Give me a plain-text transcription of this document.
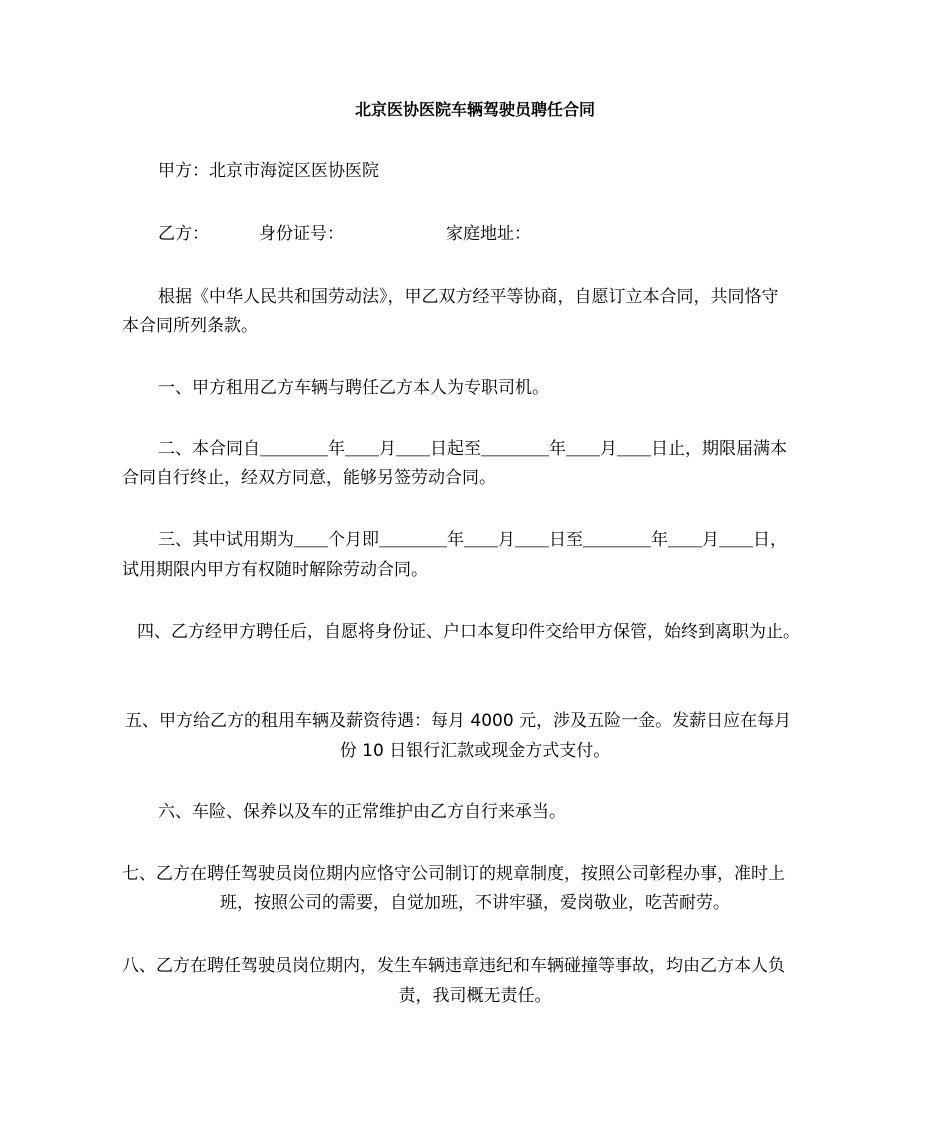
北京医协医院车辆驾驶员聘任合同
甲方：北京市海淀区医协医院
乙方：	身份证号：	家庭地址：
根据《中华人民共和国劳动法》，甲乙双方经平等协商，自愿订立本合同，共同恪守
本合同所列条款。
一、甲方租用乙方车辆与聘任乙方本人为专职司机。
二、本合同自＿＿＿＿年＿＿月＿＿日起至＿＿＿＿年＿＿月＿＿日止，期限届满本
合同自行终止，经双方同意，能够另签劳动合同。
三、其中试用期为＿＿个月即＿＿＿＿年＿＿月＿＿日至＿＿＿＿年＿＿月＿＿日，
试用期限内甲方有权随时解除劳动合同。
四、乙方经甲方聘任后，自愿将身份证、户口本复印件交给甲方保管，始终到离职为止。
五、甲方给乙方的租用车辆及薪资待遇：每月 4000 元，涉及五险一金。发薪日应在每月
份 10 日银行汇款或现金方式支付。
六、车险、保养以及车的正常维护由乙方自行来承当。
七、乙方在聘任驾驶员岗位期内应恪守公司制订的规章制度，按照公司彰程办事，准时上
班，按照公司的需要，自觉加班，不讲牢骚，爱岗敬业，吃苦耐劳。
八、乙方在聘任驾驶员岗位期内，发生车辆违章违纪和车辆碰撞等事故，均由乙方本人负
责，我司概无责任。
